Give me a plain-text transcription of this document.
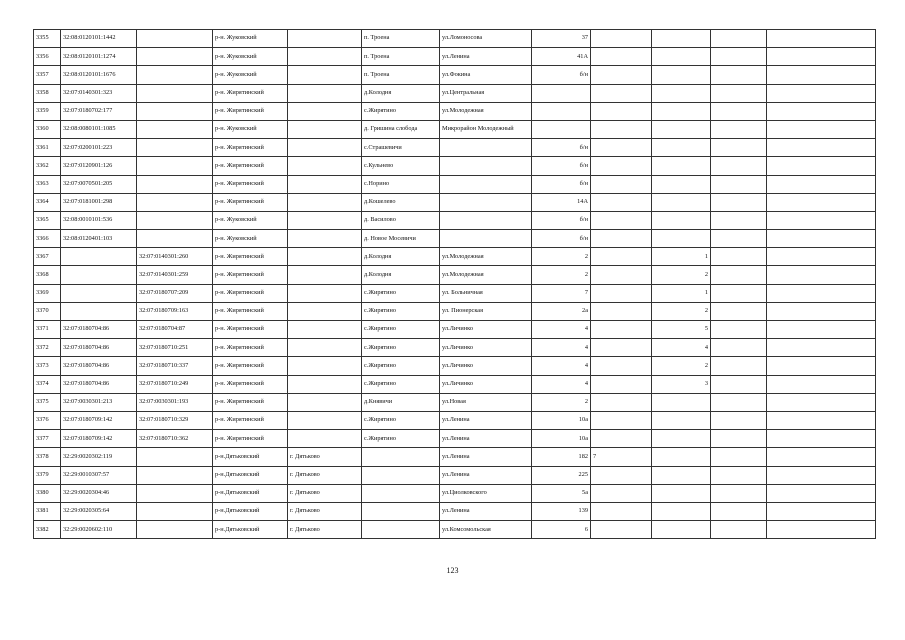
3355	32:08:0120101:1442		р-н. Жуковский		п. Троена	ул.Ломоносова	37				
3356	32:08:0120101:1274		р-н. Жуковский		п. Троена	ул.Ленина	41А				
3357	32:08:0120101:1676		р-н. Жуковский		п. Троена	ул.Фокина	б/н				
3358	32:07:0140301:323		р-н. Жирятинский		д.Колодня	ул.Центральная					
3359	32:07:0180702:177		р-н. Жирятинский		с.Жирятино	ул.Молодежная					
3360	32:08:0080101:1085		р-н. Жуковский		д. Гришина слобода	Микрорайон Молодежный					
3361	32:07:0200101:223		р-н. Жирятинский		с.Страшевичи		б/н				
3362	32:07:0120901:126		р-н. Жирятинский		с.Кульнево		б/н				
3363	32:07:0070501:205		р-н. Жирятинский		с.Норино		б/н				
3364	32:07:0181001:298		р-н. Жирятинский		д.Кошелево		14А				
3365	32:08:0010101:536		р-н. Жуковский		д. Василово		б/н				
3366	32:08:0120401:103		р-н. Жуковский		д. Новое Мосевичи		б/н				
3367		32:07:0140301:260	р-н. Жирятинский		д.Колодня	ул.Молодежная	2		1		
3368		32:07:0140301:259	р-н. Жирятинский		д.Колодня	ул.Молодежная	2		2		
3369		32:07:0180707:209	р-н. Жирятинский		с.Жирятино	ул. Больничная	7		1		
3370		32:07:0180709:163	р-н. Жирятинский		с.Жирятино	ул. Пионерская	2а		2		
3371	32:07:0180704:86	32:07:0180704:87	р-н. Жирятинский		с.Жирятино	ул.Личинко	4		5		
3372	32:07:0180704:86	32:07:0180710:251	р-н. Жирятинский		с.Жирятино	ул.Личинко	4		4		
3373	32:07:0180704:86	32:07:0180710:337	р-н. Жирятинский		с.Жирятино	ул.Личинко	4		2		
3374	32:07:0180704:86	32:07:0180710:249	р-н. Жирятинский		с.Жирятино	ул.Личинко	4		3		
3375	32:07:0030301:213	32:07:0030301:193	р-н. Жирятинский		д.Княвичи	ул.Новая	2				
3376	32:07:0180709:142	32:07:0180710:329	р-н. Жирятинский		с.Жирятино	ул.Ленина	10а				
3377	32:07:0180709:142	32:07:0180710:362	р-н. Жирятинский		с.Жирятино	ул.Ленина	10а				
3378	32:29:0020302:119		р-н.Дятьковский	г. Дятьково		ул.Ленина	182	7			
3379	32:29:0010307:57		р-н.Дятьковский	г. Дятьково		ул.Ленина	225				
3380	32:29:0020304:46		р-н.Дятьковский	г. Дятьково		ул.Циолковского	5а				
3381	32:29:0020305:64		р-н.Дятьковский	г. Дятьково		ул.Ленина	139				
3382	32:29:0020602:110		р-н.Дятьковский	г. Дятьково		ул.Комсомольская	6				
123
